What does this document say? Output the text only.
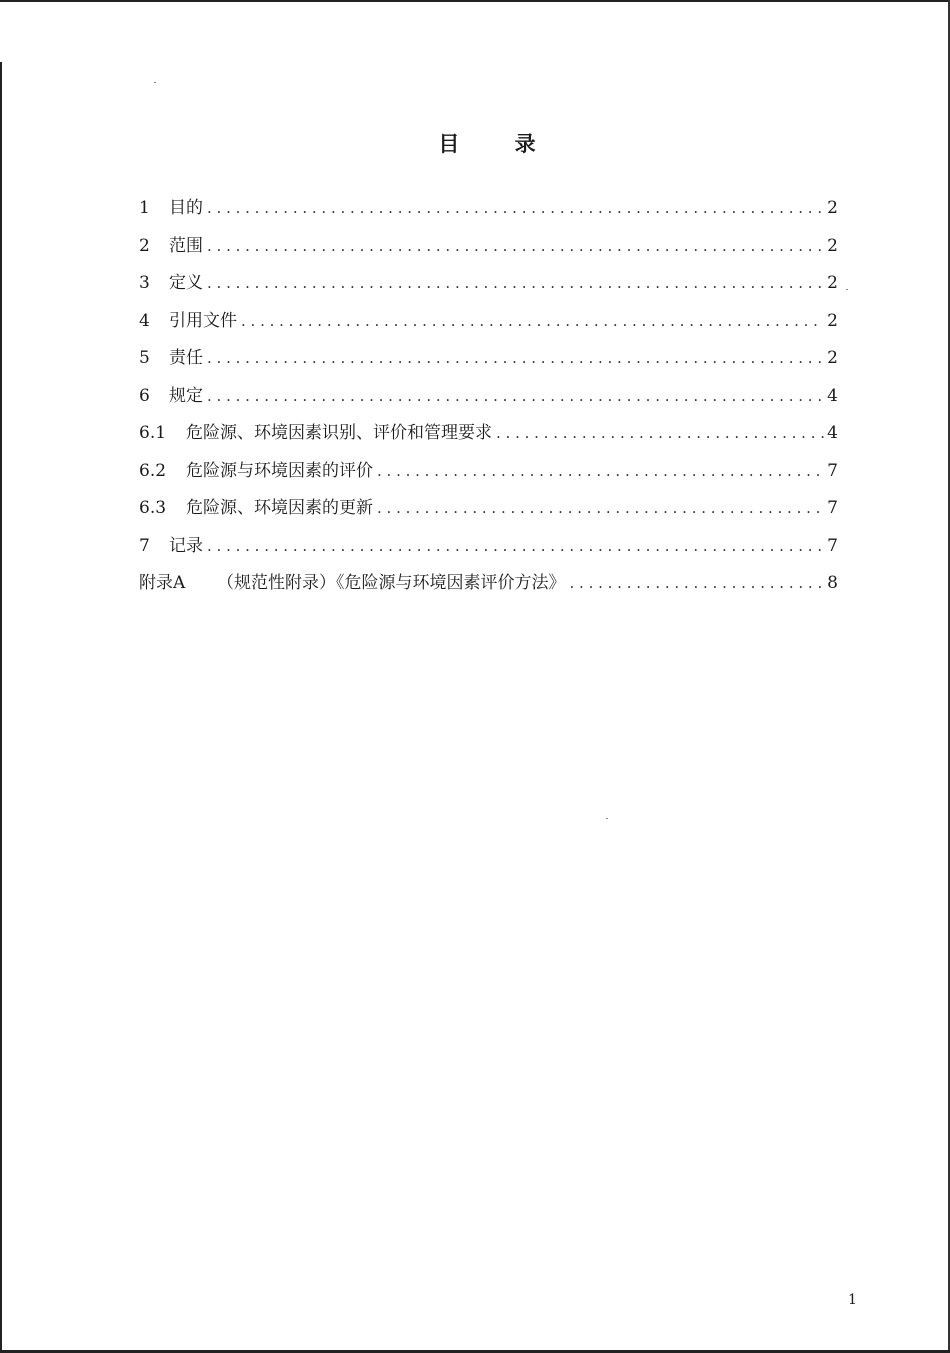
目 录
1	目的 . . .	2
2	范围 . . .	2
3	定义 . . .	2
4	引用文件 . . .	2
5	责任 . . .	2
6	规定 . . .	4
6.1	危险源、环境因素识别、评价和管理要求 . . .	4
6.2	危险源与环境因素的评价 . . .	7
6.3	危险源、环境因素的更新 . . .	7
7	记录 . . .	7
附录A	（规范性附录）《危险源与环境因素评价方法》 . . .	8

1
